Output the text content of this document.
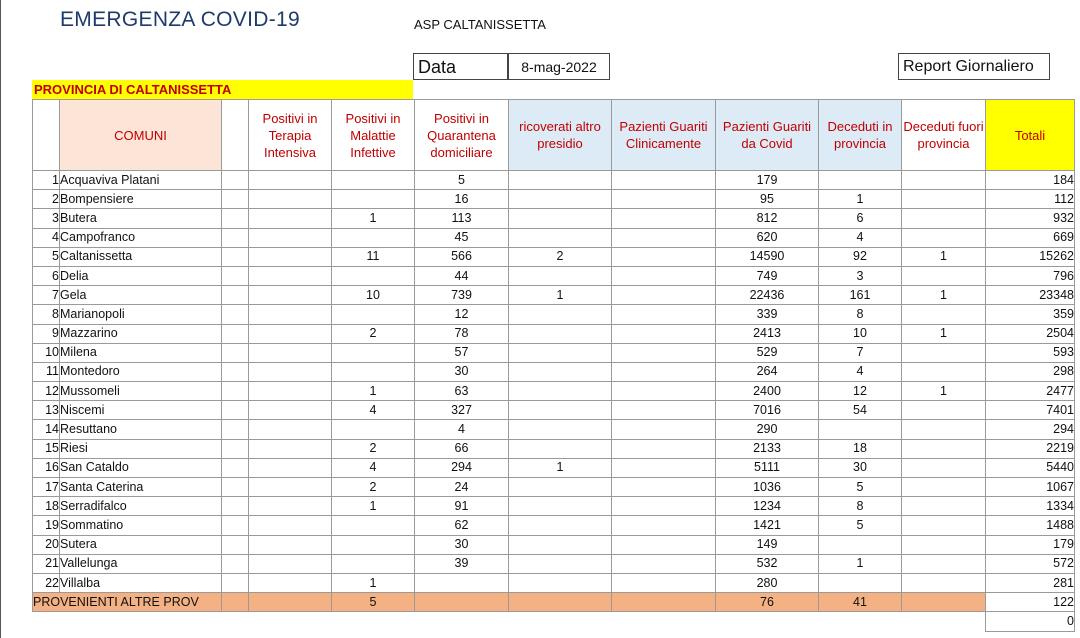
EMERGENZA COVID-19	ASP CALTANISSETTA
Data	8-mag-2022	Report Giornaliero
PROVINCIA DI CALTANISSETTA
	COMUNI		Positivi in Terapia Intensiva	Positivi in Malattie Infettive	Positivi in Quarantena domiciliare	ricoverati altro presidio	Pazienti Guariti Clinicamente	Pazienti Guariti da Covid	Deceduti in provincia	Deceduti fuori provincia	Totali
1	Acquaviva Platani				5			179			184
2	Bompensiere				16			95	1		112
3	Butera			1	113			812	6		932
4	Campofranco				45			620	4		669
5	Caltanissetta			11	566	2		14590	92	1	15262
6	Delia				44			749	3		796
7	Gela			10	739	1		22436	161	1	23348
8	Marianopoli				12			339	8		359
9	Mazzarino			2	78			2413	10	1	2504
10	Milena				57			529	7		593
11	Montedoro				30			264	4		298
12	Mussomeli			1	63			2400	12	1	2477
13	Niscemi			4	327			7016	54		7401
14	Resuttano				4			290			294
15	Riesi			2	66			2133	18		2219
16	San Cataldo			4	294	1		5111	30		5440
17	Santa Caterina			2	24			1036	5		1067
18	Serradifalco			1	91			1234	8		1334
19	Sommatino				62			1421	5		1488
20	Sutera				30			149			179
21	Vallelunga				39			532	1		572
22	Villalba			1				280			281
PROVENIENTI ALTRE PROV				5				76	41		122
											0
